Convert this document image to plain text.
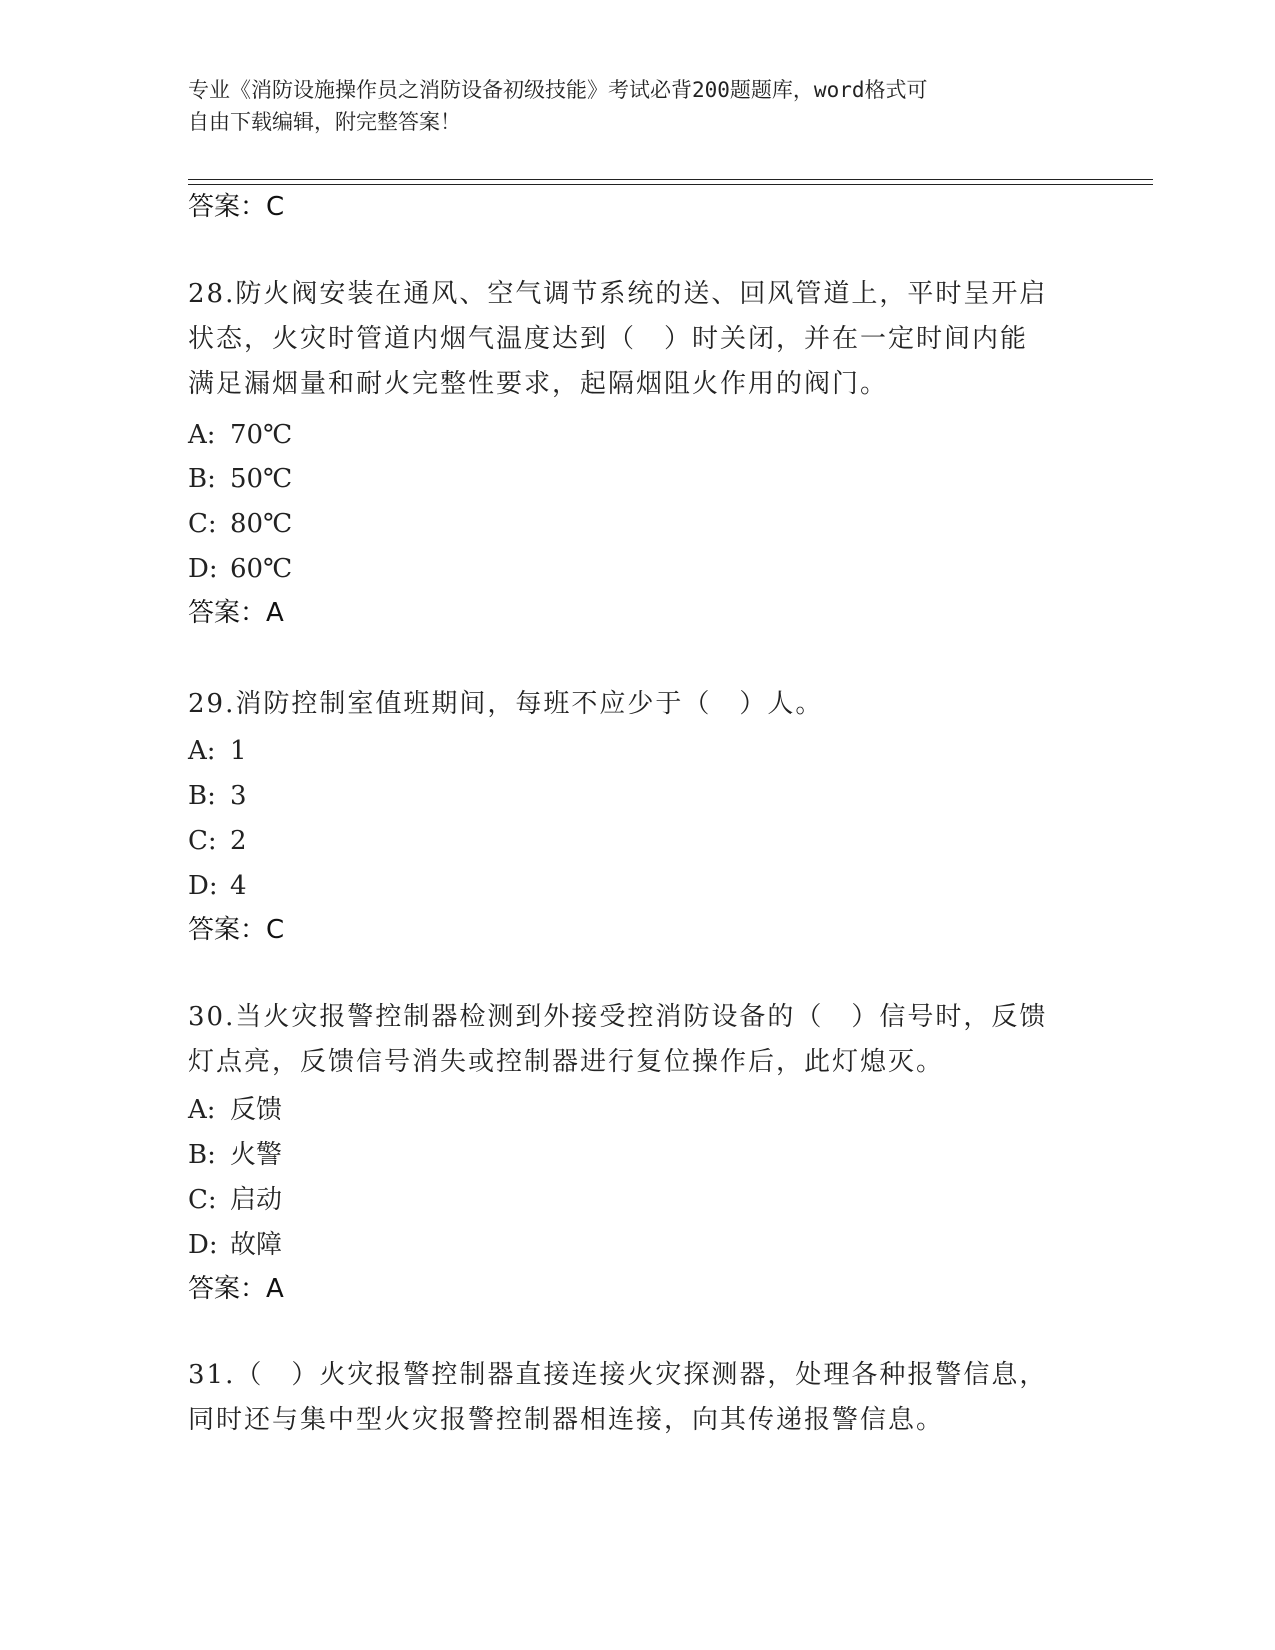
专业《消防设施操作员之消防设备初级技能》考试必背200题题库，word格式可
自由下载编辑，附完整答案！
答案：C
28.防火阀安装在通风、空气调节系统的送、回风管道上，平时呈开启
状态，火灾时管道内烟气温度达到（　）时关闭，并在一定时间内能
满足漏烟量和耐火完整性要求，起隔烟阻火作用的阀门。
A: 70℃
B: 50℃
C: 80℃
D: 60℃
答案：A
29.消防控制室值班期间，每班不应少于（　）人。
A: 1
B: 3
C: 2
D: 4
答案：C
30.当火灾报警控制器检测到外接受控消防设备的（　）信号时，反馈
灯点亮，反馈信号消失或控制器进行复位操作后，此灯熄灭。
A: 反馈
B: 火警
C: 启动
D: 故障
答案：A
31.（　）火灾报警控制器直接连接火灾探测器，处理各种报警信息，
同时还与集中型火灾报警控制器相连接，向其传递报警信息。
